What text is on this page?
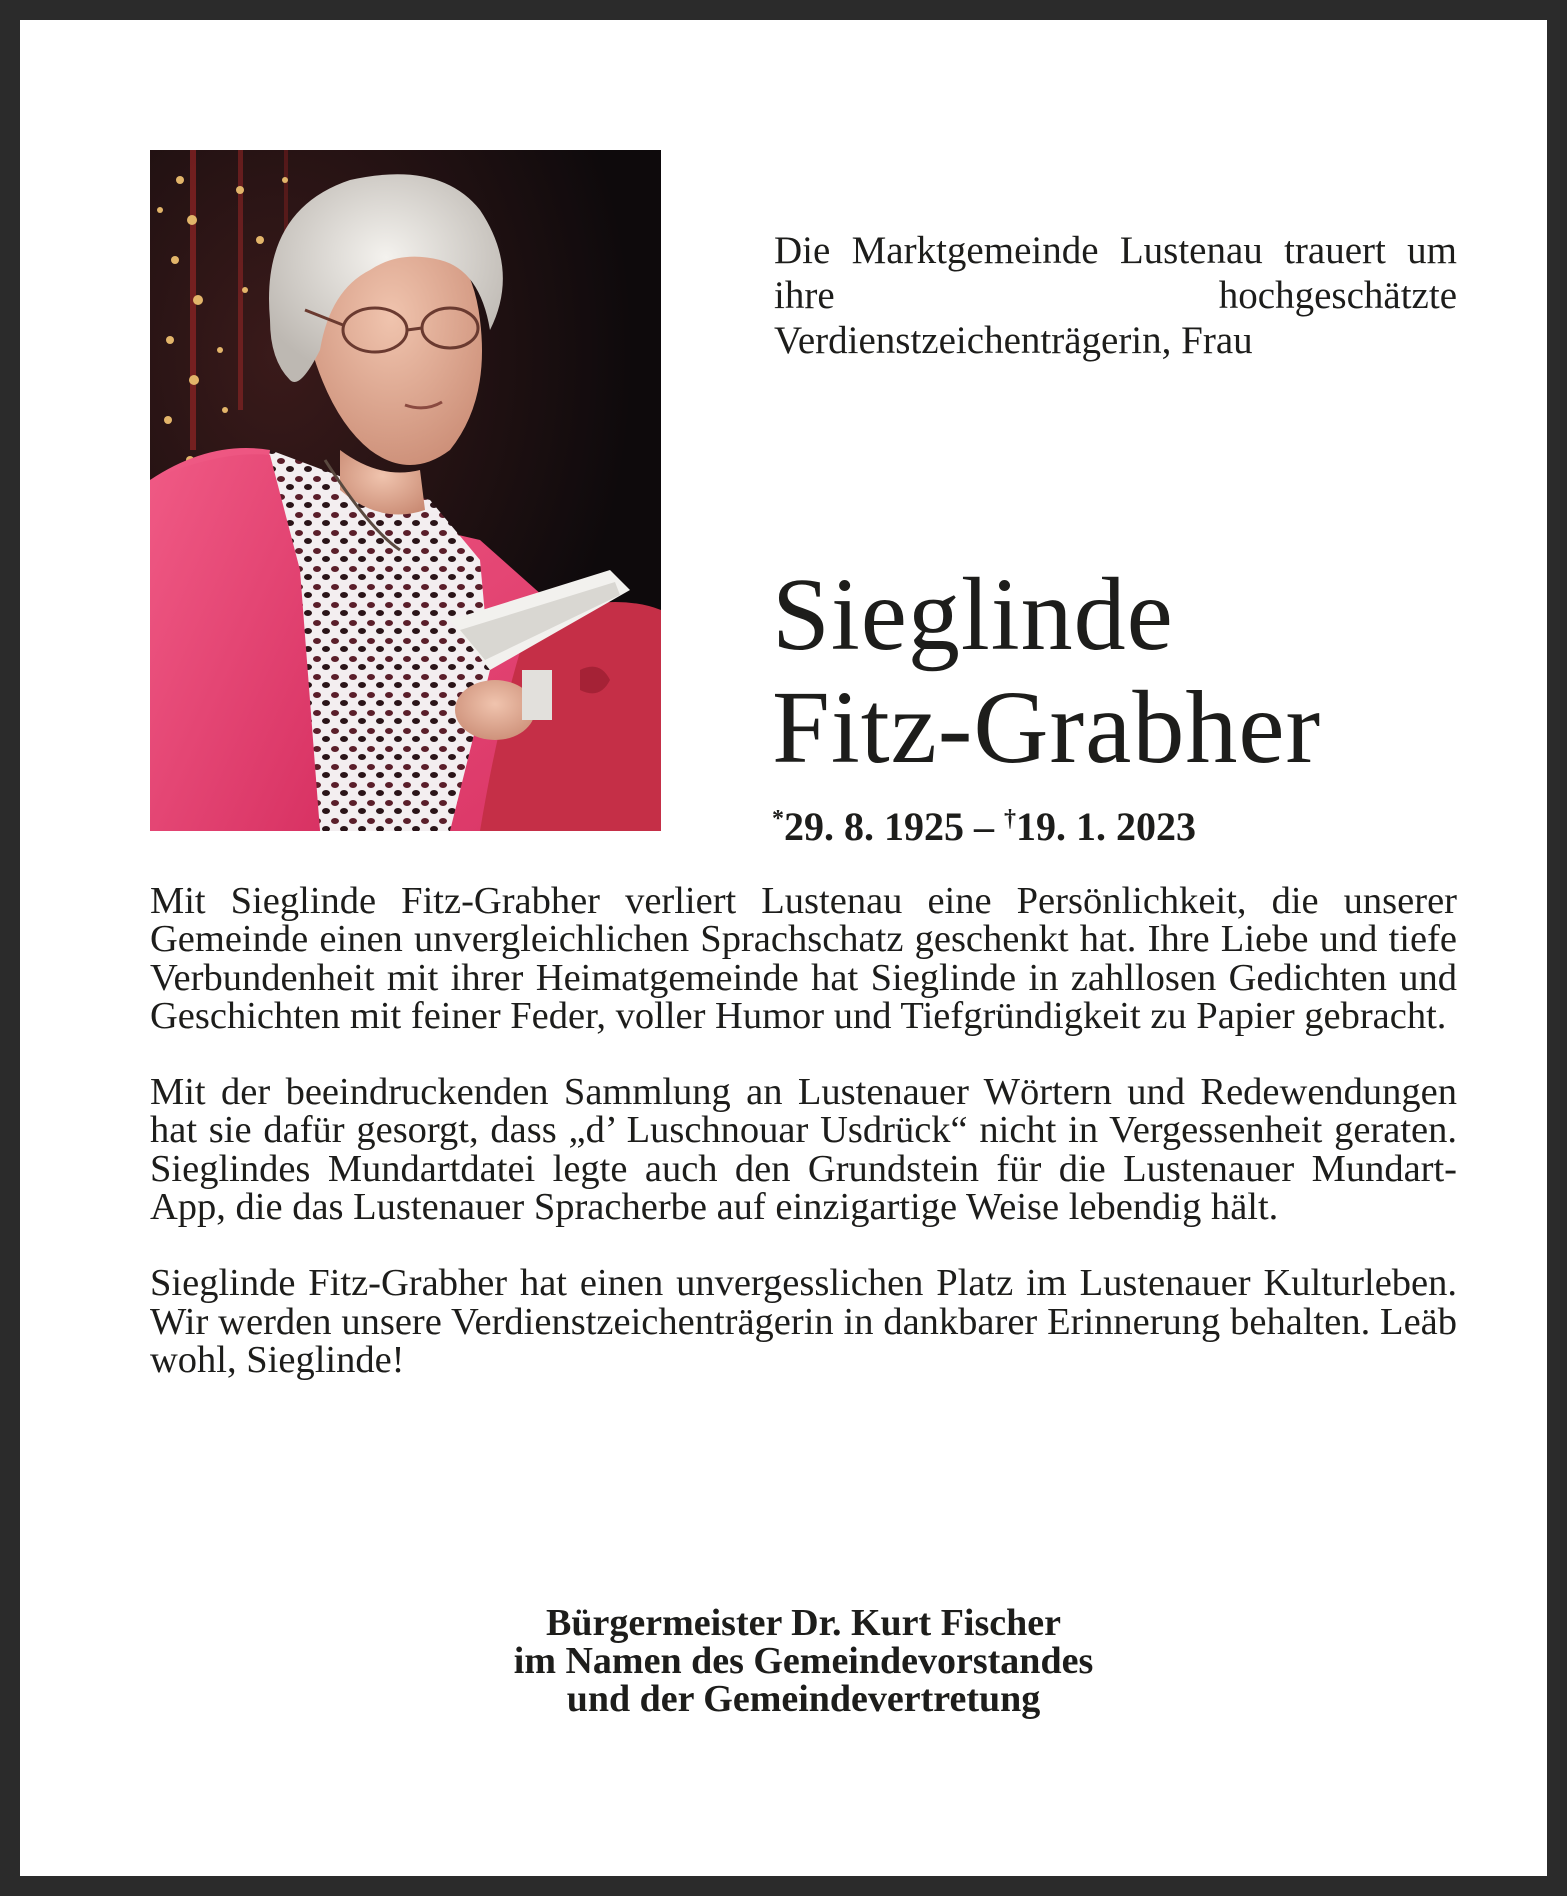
Die Marktgemeinde Lustenau trauert um ihre hochgeschätzte Verdienstzeichenträgerin, Frau

Sieglinde
Fitz-Grabher

*29. 8. 1925 – †19. 1. 2023

Mit Sieglinde Fitz-Grabher verliert Lustenau eine Persönlichkeit, die unserer Gemeinde einen unvergleichlichen Sprachschatz geschenkt hat. Ihre Liebe und tiefe Verbundenheit mit ihrer Heimatgemeinde hat Sieglinde in zahllosen Gedichten und Geschichten mit feiner Feder, voller Humor und Tiefgründigkeit zu Papier gebracht.

Mit der beeindruckenden Sammlung an Lustenauer Wörtern und Redewendungen hat sie dafür gesorgt, dass „d’ Luschnouar Usdrück“ nicht in Vergessenheit geraten. Sieglindes Mundartdatei legte auch den Grundstein für die Lustenauer Mundart-App, die das Lustenauer Spracherbe auf einzigartige Weise lebendig hält.

Sieglinde Fitz-Grabher hat einen unvergesslichen Platz im Lustenauer Kulturleben. Wir werden unsere Verdienstzeichenträgerin in dankbarer Erinnerung behalten. Leäb wohl, Sieglinde!

Bürgermeister Dr. Kurt Fischer
im Namen des Gemeindevorstandes
und der Gemeindevertretung
